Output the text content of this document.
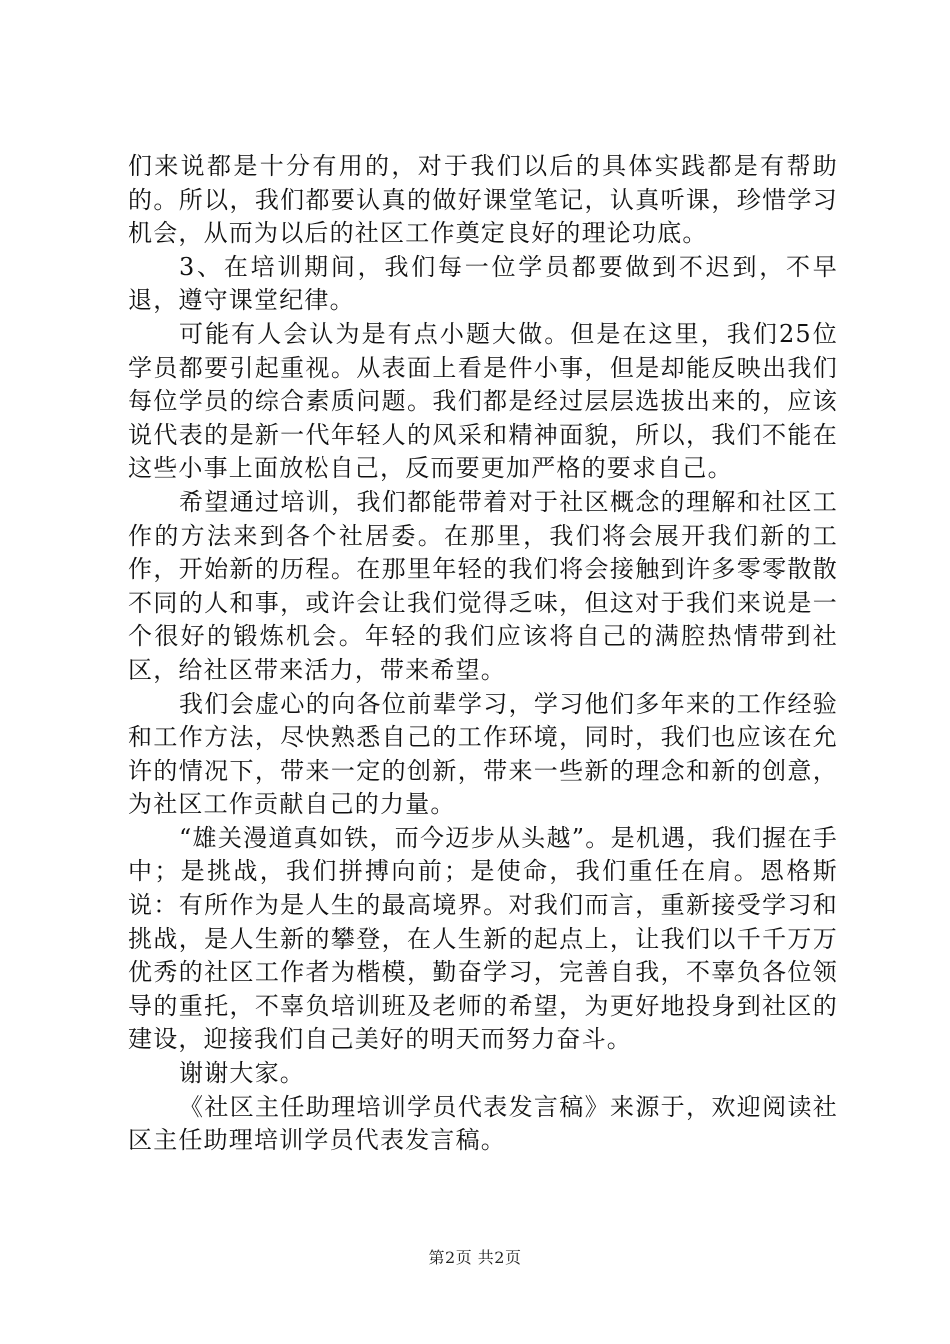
们来说都是十分有用的，对于我们以后的具体实践都是有帮助的。所以，我们都要认真的做好课堂笔记，认真听课，珍惜学习机会，从而为以后的社区工作奠定良好的理论功底。

3、在培训期间，我们每一位学员都要做到不迟到，不早退，遵守课堂纪律。

可能有人会认为是有点小题大做。但是在这里，我们25位学员都要引起重视。从表面上看是件小事，但是却能反映出我们每位学员的综合素质问题。我们都是经过层层选拔出来的，应该说代表的是新一代年轻人的风采和精神面貌，所以，我们不能在这些小事上面放松自己，反而要更加严格的要求自己。

希望通过培训，我们都能带着对于社区概念的理解和社区工作的方法来到各个社居委。在那里，我们将会展开我们新的工作，开始新的历程。在那里年轻的我们将会接触到许多零零散散不同的人和事，或许会让我们觉得乏味，但这对于我们来说是一个很好的锻炼机会。年轻的我们应该将自己的满腔热情带到社区，给社区带来活力，带来希望。

我们会虚心的向各位前辈学习，学习他们多年来的工作经验和工作方法，尽快熟悉自己的工作环境，同时，我们也应该在允许的情况下，带来一定的创新，带来一些新的理念和新的创意，为社区工作贡献自己的力量。

“雄关漫道真如铁，而今迈步从头越”。是机遇，我们握在手中；是挑战，我们拼搏向前；是使命，我们重任在肩。恩格斯说：有所作为是人生的最高境界。对我们而言，重新接受学习和挑战，是人生新的攀登，在人生新的起点上，让我们以千千万万优秀的社区工作者为楷模，勤奋学习，完善自我，不辜负各位领导的重托，不辜负培训班及老师的希望，为更好地投身到社区的建设，迎接我们自己美好的明天而努力奋斗。

谢谢大家。

《社区主任助理培训学员代表发言稿》来源于，欢迎阅读社区主任助理培训学员代表发言稿。

第2页 共2页
